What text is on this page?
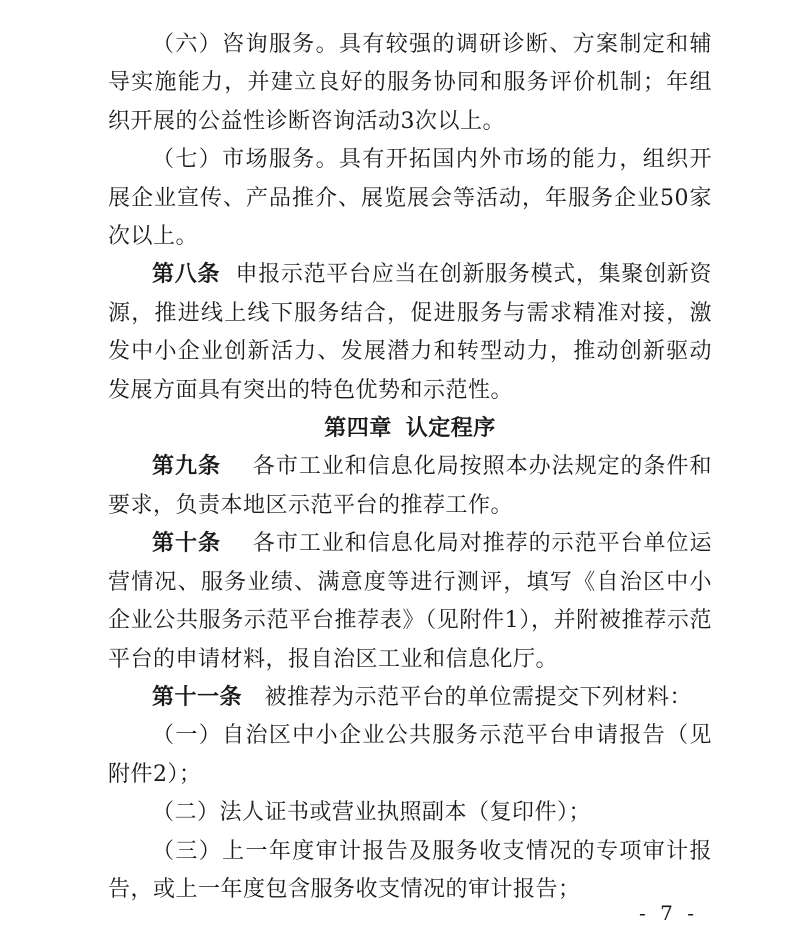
（六）咨询服务。具有较强的调研诊断、方案制定和辅导实施能力，并建立良好的服务协同和服务评价机制；年组织开展的公益性诊断咨询活动3次以上。

（七）市场服务。具有开拓国内外市场的能力，组织开展企业宣传、产品推介、展览展会等活动，年服务企业50家次以上。

第八条 申报示范平台应当在创新服务模式，集聚创新资源，推进线上线下服务结合，促进服务与需求精准对接，激发中小企业创新活力、发展潜力和转型动力，推动创新驱动发展方面具有突出的特色优势和示范性。

第四章 认定程序

第九条 各市工业和信息化局按照本办法规定的条件和要求，负责本地区示范平台的推荐工作。

第十条 各市工业和信息化局对推荐的示范平台单位运营情况、服务业绩、满意度等进行测评，填写《自治区中小企业公共服务示范平台推荐表》（见附件1），并附被推荐示范平台的申请材料，报自治区工业和信息化厅。

第十一条 被推荐为示范平台的单位需提交下列材料：

（一）自治区中小企业公共服务示范平台申请报告（见附件2）；

（二）法人证书或营业执照副本（复印件）；

（三）上一年度审计报告及服务收支情况的专项审计报告，或上一年度包含服务收支情况的审计报告；

- 7 -
